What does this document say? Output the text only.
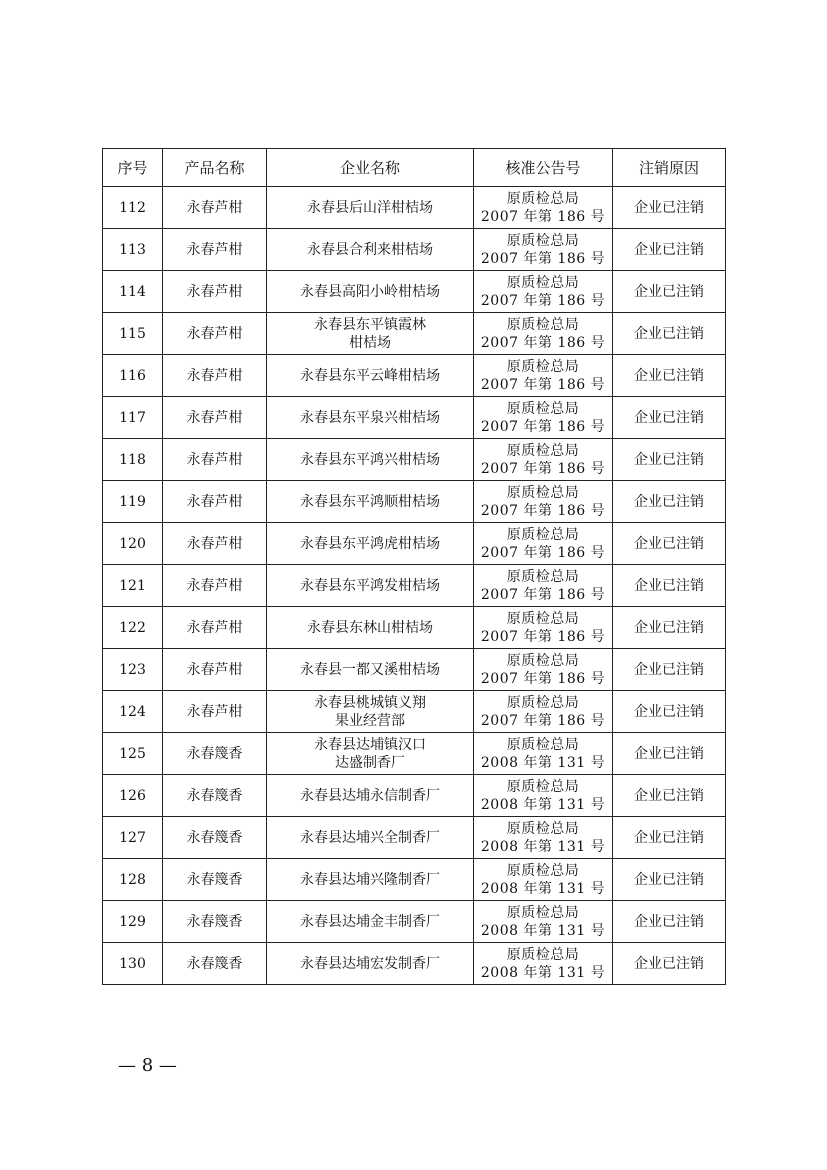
序号	产品名称	企业名称	核准公告号	注销原因
112	永春芦柑	永春县后山洋柑桔场	原质检总局
2007 年第 186 号	企业已注销
113	永春芦柑	永春县合利来柑桔场	原质检总局
2007 年第 186 号	企业已注销
114	永春芦柑	永春县高阳小岭柑桔场	原质检总局
2007 年第 186 号	企业已注销
115	永春芦柑	永春县东平镇霞林
柑桔场	原质检总局
2007 年第 186 号	企业已注销
116	永春芦柑	永春县东平云峰柑桔场	原质检总局
2007 年第 186 号	企业已注销
117	永春芦柑	永春县东平泉兴柑桔场	原质检总局
2007 年第 186 号	企业已注销
118	永春芦柑	永春县东平鸿兴柑桔场	原质检总局
2007 年第 186 号	企业已注销
119	永春芦柑	永春县东平鸿顺柑桔场	原质检总局
2007 年第 186 号	企业已注销
120	永春芦柑	永春县东平鸿虎柑桔场	原质检总局
2007 年第 186 号	企业已注销
121	永春芦柑	永春县东平鸿发柑桔场	原质检总局
2007 年第 186 号	企业已注销
122	永春芦柑	永春县东林山柑桔场	原质检总局
2007 年第 186 号	企业已注销
123	永春芦柑	永春县一都又溪柑桔场	原质检总局
2007 年第 186 号	企业已注销
124	永春芦柑	永春县桃城镇义翔
果业经营部	原质检总局
2007 年第 186 号	企业已注销
125	永春篾香	永春县达埔镇汉口
达盛制香厂	原质检总局
2008 年第 131 号	企业已注销
126	永春篾香	永春县达埔永信制香厂	原质检总局
2008 年第 131 号	企业已注销
127	永春篾香	永春县达埔兴全制香厂	原质检总局
2008 年第 131 号	企业已注销
128	永春篾香	永春县达埔兴隆制香厂	原质检总局
2008 年第 131 号	企业已注销
129	永春篾香	永春县达埔金丰制香厂	原质检总局
2008 年第 131 号	企业已注销
130	永春篾香	永春县达埔宏发制香厂	原质检总局
2008 年第 131 号	企业已注销
— 8 —
